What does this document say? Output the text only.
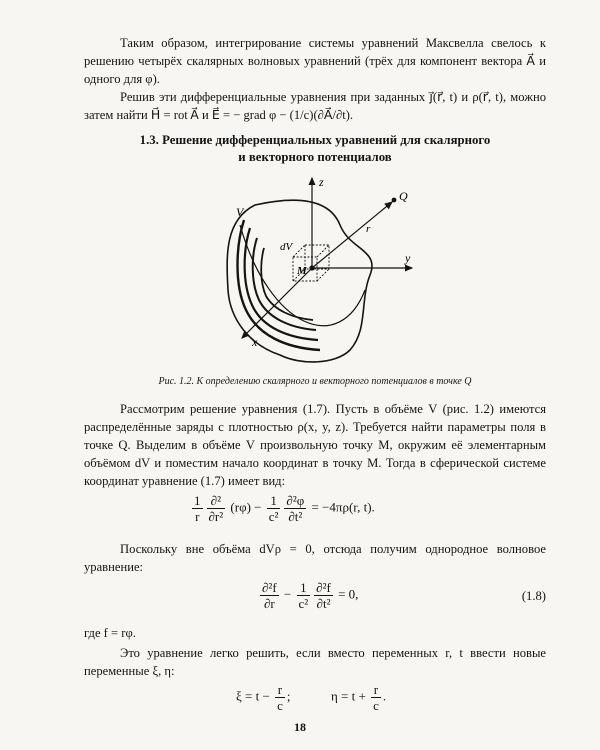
Таким образом, интегрирование системы уравнений Максвелла свелось к решению четырёх скалярных волновых уравнений (трёх для компонент вектора A⃗ и одного для φ).

Решив эти дифференциальные уравнения при заданных j⃗(r⃗, t) и ρ(r⃗, t), можно затем найти H⃗ = rot A⃗ и E⃗ = − grad φ − (1/c)(∂A⃗/∂t).

1.3. Решение дифференциальных уравнений для скалярного
и векторного потенциалов
z
y
x
Q
V
r⃗
dV
M
Рис. 1.2. К определению скалярного и векторного потенциалов в точке Q

Рассмотрим решение уравнения (1.7). Пусть в объёме V (рис. 1.2) имеются распределённые заряды с плотностью ρ(x, y, z). Требуется найти параметры поля в точке Q. Выделим в объёме V произвольную точку M, окружим её элементарным объёмом dV и поместим начало координат в точку M. Тогда в сферической системе координат уравнение (1.7) имеет вид:

$\frac{1}{r} \frac{\text{∂²}}{\text{∂r²}} (r\varphi) - \frac{1}{\text{c²}} \frac{\text{∂²φ}}{\text{∂t²}} = -4\pi\rho(r$, t).

Поскольку вне объёма dVρ = 0, отсюда получим однородное волновое уравнение:

$\frac{\text{∂²f}}{\partial r} - \frac{1}{\text{c²}} \frac{\text{∂²f}}{\text{∂t²}} = 0$,	(1.8)

где f = rφ.

Это уравнение легко решить, если вместо переменных r, t ввести новые переменные ξ, η:

$\xi = t - \frac{r}{c}$ ;	$\eta = t + \frac{r}{c}$ .
18
